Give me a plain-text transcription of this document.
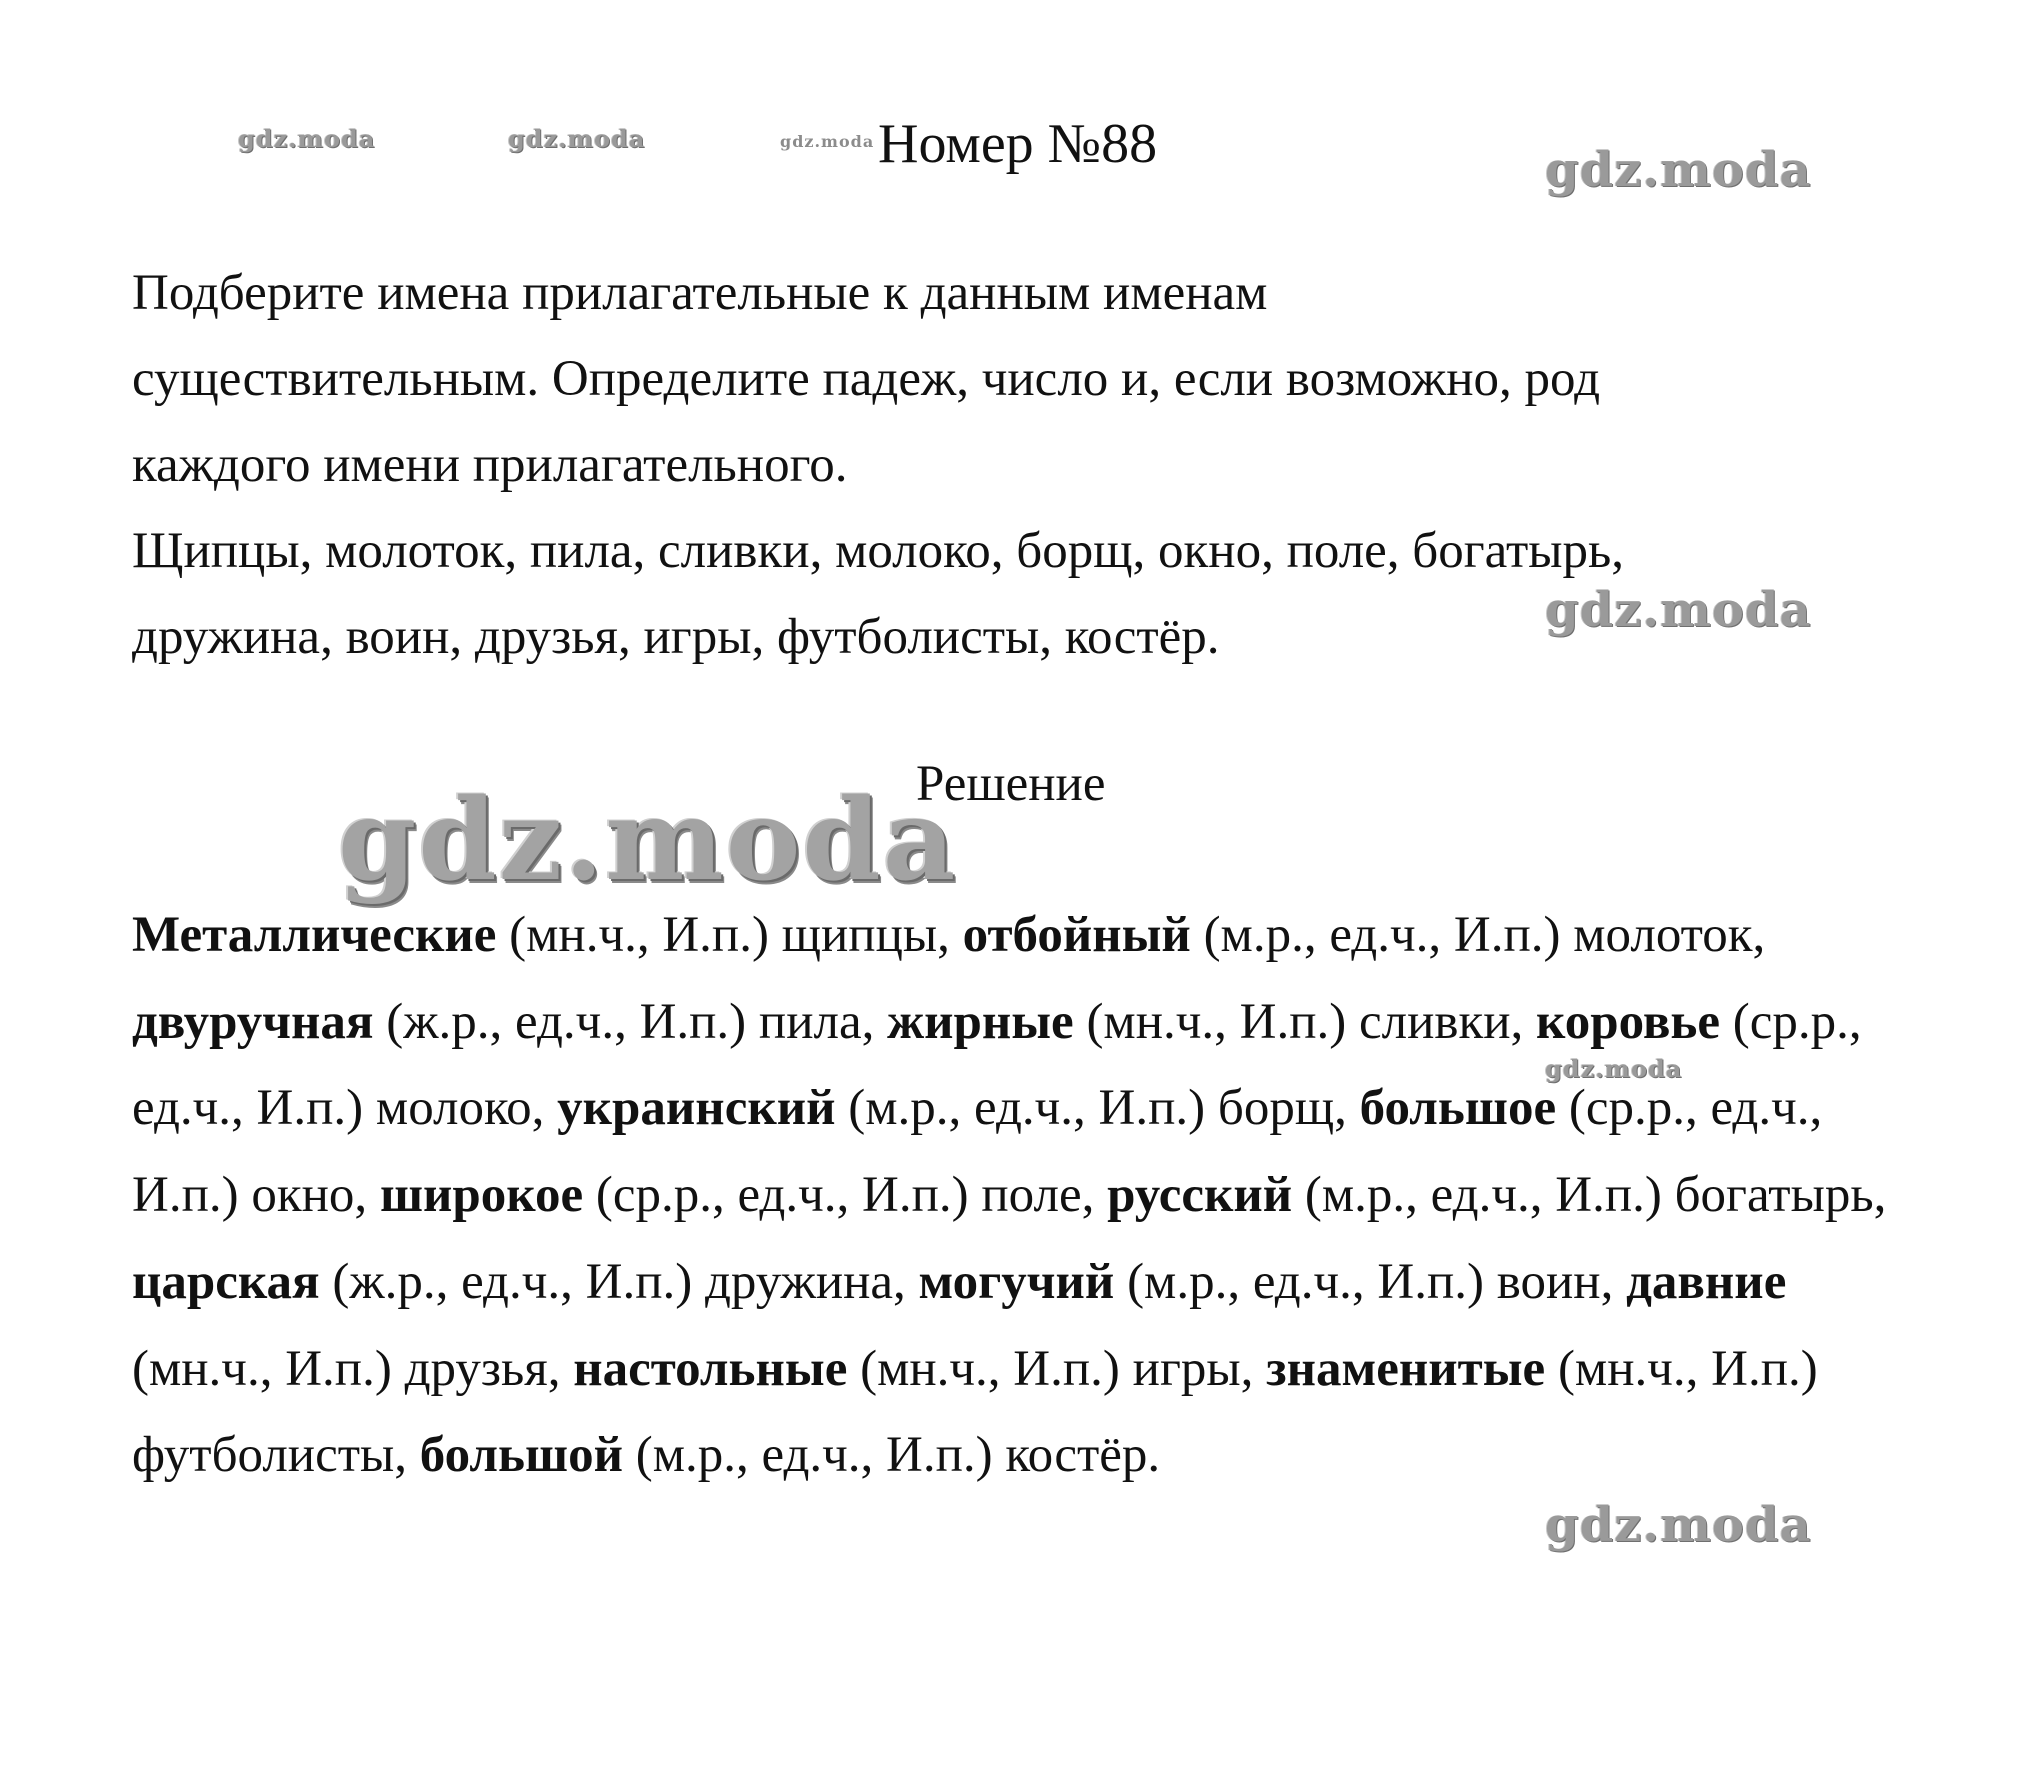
gdz.moda	gdz.moda	gdz.moda
gdz.moda
gdz.moda
gdz.moda
gdz.moda
gdz.moda
Номер №88

Подберите имена прилагательные к данным именам

существительным. Определите падеж, число и, если возможно, род

каждого имени прилагательного.

Щипцы, молоток, пила, сливки, молоко, борщ, окно, поле, богатырь,

дружина, воин, друзья, игры, футболисты, костёр.

Решение
Металлические (мн.ч., И.п.) щипцы, отбойный (м.р., ед.ч., И.п.) молоток, двуручная (ж.р., ед.ч., И.п.) пила, жирные (мн.ч., И.п.) сливки, коровье (ср.р., ед.ч., И.п.) молоко, украинский (м.р., ед.ч., И.п.) борщ, большое (ср.р., ед.ч., И.п.) окно, широкое (ср.р., ед.ч., И.п.) поле, русский (м.р., ед.ч., И.п.) богатырь, царская (ж.р., ед.ч., И.п.) дружина, могучий (м.р., ед.ч., И.п.) воин, давние (мн.ч., И.п.) друзья, настольные (мн.ч., И.п.) игры, знаменитые (мн.ч., И.п.) футболисты, большой (м.р., ед.ч., И.п.) костёр.
